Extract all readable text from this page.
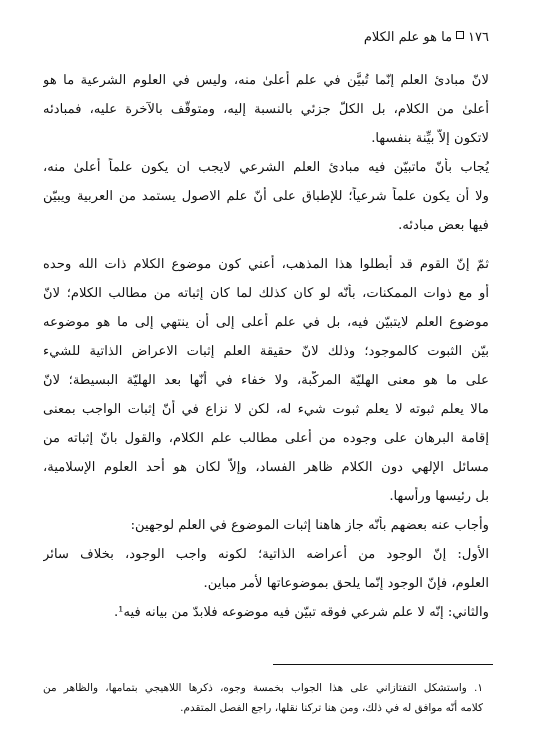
١٧٦ما هو علم الكلام
لانّ مبادئ العلم إنّما تُبيَّن في علم أعلىٰ منه، وليس في العلوم الشرعية ما هو
أعلىٰ من الكلام، بل الكلّ جزئي بالنسبة إليه، ومتوقّف بالآخرة عليه، فمبادئه
لاتكون إلاّ بيِّنة بنفسها.
يُجاب بأنّ ماتبيّن فيه مبادئ العلم الشرعي لايجب ان يكون علماً أعلىٰ منه،
ولا أن يكون علماً شرعياً؛ للإطباق على أنّ علم الاصول يستمد من العربية ويبيّن
فيها بعض مبادئه.
ثمّ إنّ القوم قد أبطلوا هذا المذهب، أعني كون موضوع الكلام ذات الله وحده
أو مع ذوات الممكنات، بأنّه لو كان كذلك لما كان إثباته من مطالب الكلام؛ لانّ
موضوع العلم لايتبيّن فيه، بل في علم أعلى إلى أن ينتهي إلى ما هو موضوعه
بيّن الثبوت كالموجود؛ وذلك لانّ حقيقة العلم إثبات الاعراض الذاتية للشيء
على ما هو معنى الهليّة المركّبة، ولا خفاء في أنّها بعد الهليّة البسيطة؛ لانّ
مالا يعلم ثبوته لا يعلم ثبوت شيء له، لكن لا نزاع في أنّ إثبات الواجب بمعنى
إقامة البرهان على وجوده من أعلى مطالب علم الكلام، والقول بانّ إثباته من
مسائل الإلهي دون الكلام ظاهر الفساد، وإلاّ لكان هو أحد العلوم الإسلامية،
بل رئيسها ورأسها.
وأجاب عنه بعضهم بأنّه جاز هاهنا إثبات الموضوع في العلم لوجهين:
الأول: إنّ الوجود من أعراضه الذاتية؛ لكونه واجب الوجود، بخلاف سائر
العلوم، فإنّ الوجود إنّما يلحق بموضوعاتها لأمر مباين.
والثاني: إنّه لا علم شرعي فوقه تبيّن فيه موضوعه فلابدّ من بيانه فيه¹.
١. واستشكل التفتازاني على هذا الجواب بخمسة وجوه، ذكرها اللاهيجي بتمامها، والظاهر من
كلامه أنّه موافق له في ذلك، ومن هنا تركنا نقلها، راجع الفصل المتقدم.
